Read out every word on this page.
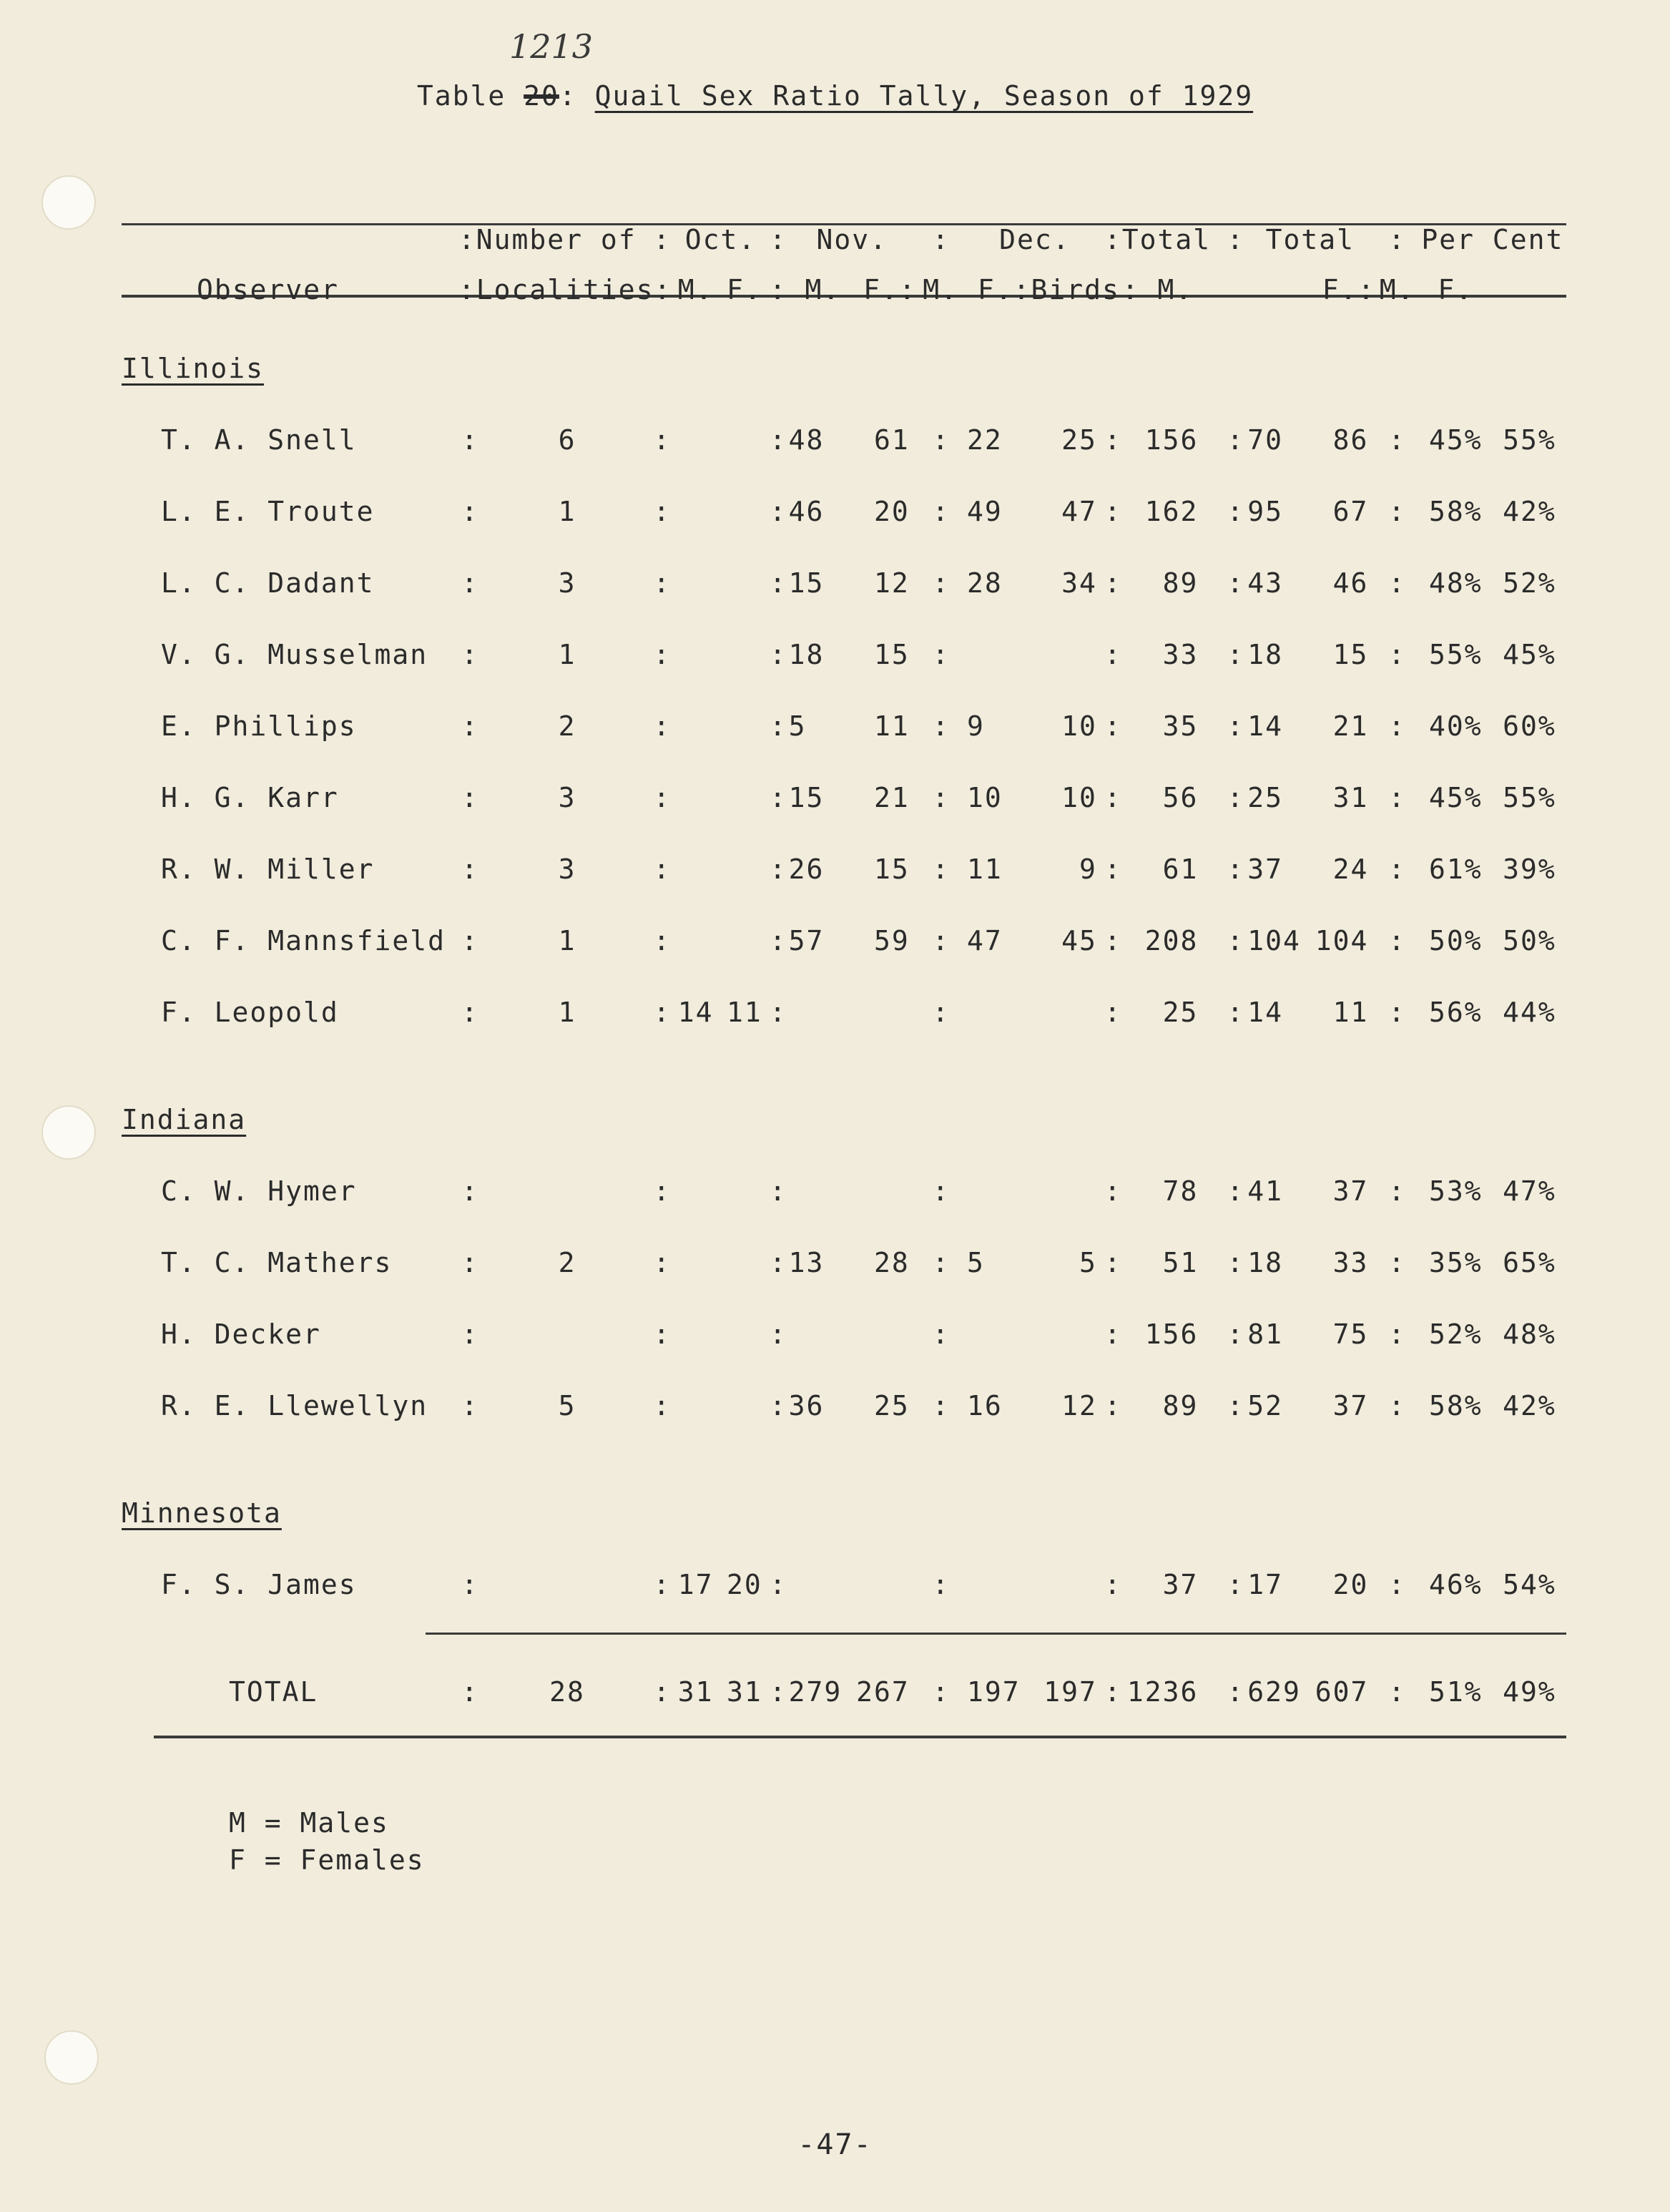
1213
Table 20: Quail Sex Ratio Tally, Season of 1929
	:Number of		:	Oct.		:	Nov.		:	Dec.		:Total		:	Total		:	Per Cent	
Observer	:Localities:			M.	F.	: M.		F.:	M.	F.:	Birds		: M.		F.:		M.	F.	

Illinois																			

T. A. Snell	:	6	:			:	48	61	:	22	25	:	156	:	70	86	:	45%	55%

L. E. Troute	:	1	:			:	46	20	:	49	47	:	162	:	95	67	:	58%	42%

L. C. Dadant	:	3	:			:	15	12	:	28	34	:	89	:	43	46	:	48%	52%

V. G. Musselman	:	1	:			:	18	15	:			:	33	:	18	15	:	55%	45%

E. Phillips	:	2	:			:	5	11	:	9	10	:	35	:	14	21	:	40%	60%

H. G. Karr	:	3	:			:	15	21	:	10	10	:	56	:	25	31	:	45%	55%

R. W. Miller	:	3	:			:	26	15	:	11	9	:	61	:	37	24	:	61%	39%

C. F. Mannsfield	:	1	:			:	57	59	:	47	45	:	208	:	104	104	:	50%	50%

F. Leopold	:	1	:	14	11	:			:			:	25	:	14	11	:	56%	44%

Indiana																			

C. W. Hymer	:		:			:			:			:	78	:	41	37	:	53%	47%

T. C. Mathers	:	2	:			:	13	28	:	5	5	:	51	:	18	33	:	35%	65%

H. Decker	:		:			:			:			:	156	:	81	75	:	52%	48%

R. E. Llewellyn	:	5	:			:	36	25	:	16	12	:	89	:	52	37	:	58%	42%

Minnesota																			

F. S. James	:		:	17	20	:			:			:	37	:	17	20	:	46%	54%

TOTAL	:	28	:	31	31	:	279	267	:	197	197	:	1236	:	629	607	:	51%	49%
M = Males
F = Females
-47-
